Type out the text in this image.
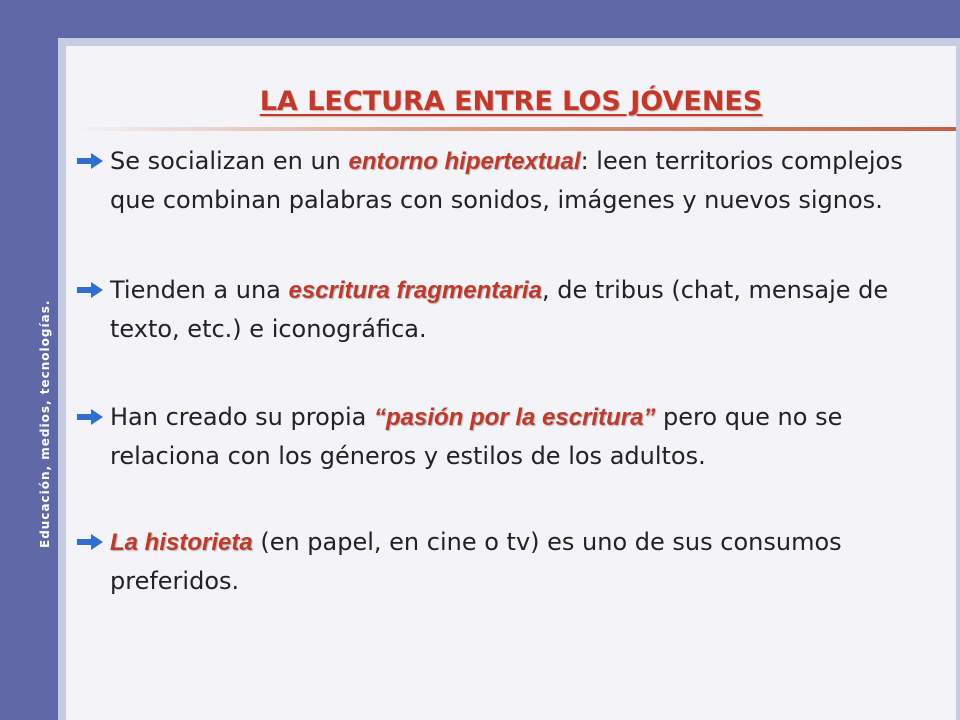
Educación, medios, tecnologías.
LA LECTURA ENTRE LOS JÓVENES
Se socializan en un entorno hipertextual: leen territorios complejos que combinan palabras con sonidos, imágenes y nuevos signos.
Tienden a una escritura fragmentaria, de tribus (chat, mensaje de texto, etc.) e iconográfica.
Han creado su propia “pasión por la escritura” pero que no se relaciona con los géneros y estilos de los adultos.
La historieta (en papel, en cine o tv) es uno de sus consumos preferidos.
